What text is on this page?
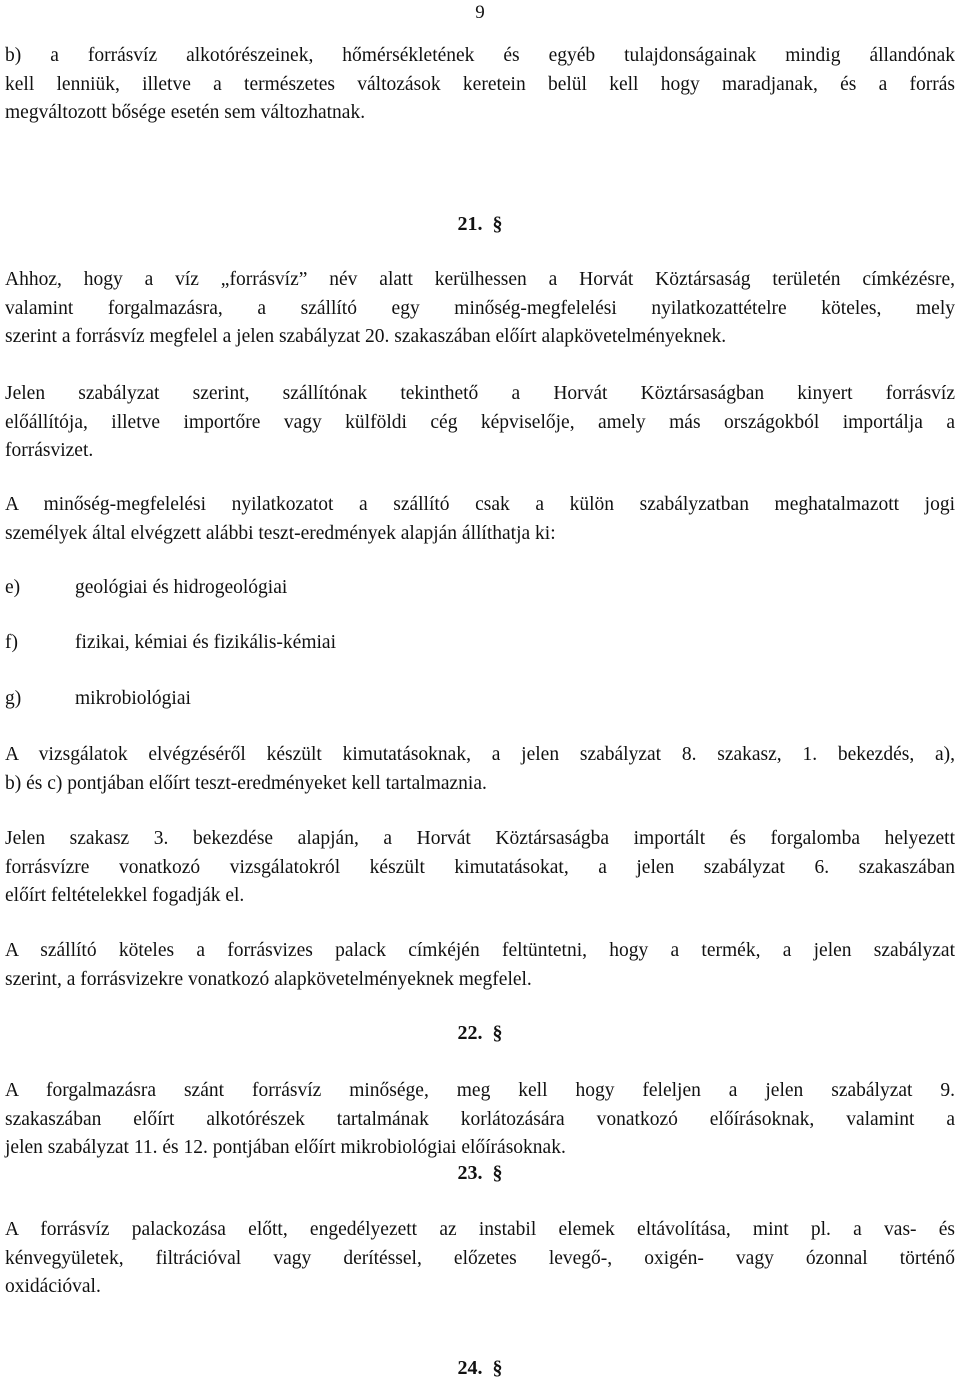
9
b) a forrásvíz alkotórészeinek, hőmérsékletének és egyéb tulajdonságainak mindig állandónak
kell lenniük, illetve a természetes változások keretein belül kell hogy maradjanak, és a forrás
megváltozott bősége esetén sem változhatnak.
21. §
Ahhoz, hogy a víz „forrásvíz” név alatt kerülhessen a Horvát Köztársaság területén címkézésre,
valamint forgalmazásra, a szállító egy minőség-megfelelési nyilatkozattételre köteles, mely
szerint a forrásvíz megfelel a jelen szabályzat 20. szakaszában előírt alapkövetelményeknek.
Jelen szabályzat szerint, szállítónak tekinthető a Horvát Köztársaságban kinyert forrásvíz
előállítója, illetve importőre vagy külföldi cég képviselője, amely más országokból importálja a
forrásvizet.
A minőség-megfelelési nyilatkozatot a szállító csak a külön szabályzatban meghatalmazott jogi
személyek által elvégzett alábbi teszt-eredmények alapján állíthatja ki:
e)	geológiai és hidrogeológiai
f)	fizikai, kémiai és fizikális-kémiai
g)	mikrobiológiai
A vizsgálatok elvégzéséről készült kimutatásoknak, a jelen szabályzat 8. szakasz, 1. bekezdés, a),
b) és c) pontjában előírt teszt-eredményeket kell tartalmaznia.
Jelen szakasz 3. bekezdése alapján, a Horvát Köztársaságba importált és forgalomba helyezett
forrásvízre vonatkozó vizsgálatokról készült kimutatásokat, a jelen szabályzat 6. szakaszában
előírt feltételekkel fogadják el.
A szállító köteles a forrásvizes palack címkéjén feltüntetni, hogy a termék, a jelen szabályzat
szerint, a forrásvizekre vonatkozó alapkövetelményeknek megfelel.
22. §
A forgalmazásra szánt forrásvíz minősége, meg kell hogy feleljen a jelen szabályzat 9.
szakaszában előírt alkotórészek tartalmának korlátozására vonatkozó előírásoknak, valamint a
jelen szabályzat 11. és 12. pontjában előírt mikrobiológiai előírásoknak.
23. §
A forrásvíz palackozása előtt, engedélyezett az instabil elemek eltávolítása, mint pl. a vas- és
kénvegyületek, filtrációval vagy derítéssel, előzetes levegő-, oxigén- vagy ózonnal történő
oxidációval.
24. §
